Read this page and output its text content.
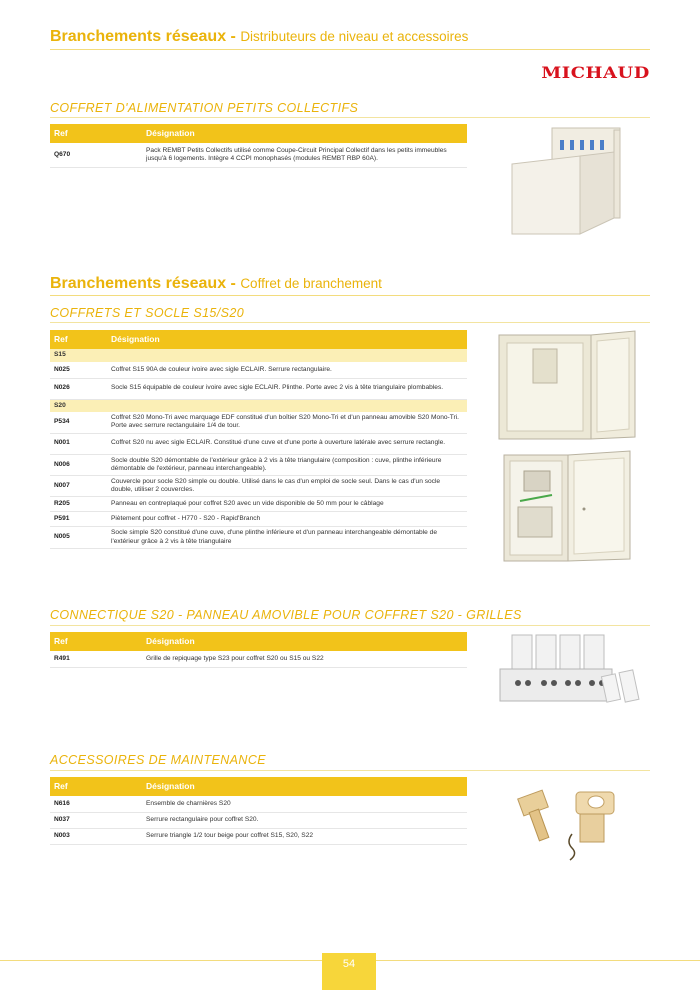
Branchements réseaux - Distributeurs de niveau et accessoires
MICHAUD
COFFRET D'ALIMENTATION PETITS COLLECTIFS
Ref	Désignation
Q670	Pack REMBT Petits Collectifs utilisé comme Coupe-Circuit Principal Collectif dans les petits immeubles jusqu'à 6 logements. Intègre 4 CCPI monophasés (modules REMBT RBP 60A).
Branchements réseaux - Coffret de branchement
COFFRETS ET SOCLE S15/S20
Ref	Désignation
S15	
N025	Coffret S15 90A de couleur ivoire avec sigle ECLAIR. Serrure rectangulaire.
N026	Socle S15 équipable de couleur ivoire avec sigle ECLAIR. Plinthe. Porte avec 2 vis à tête triangulaire plombables.
S20	
P534	Coffret S20 Mono-Tri avec marquage EDF constitué d'un boîtier S20 Mono-Tri et d'un panneau amovible S20 Mono-Tri. Porte avec serrure rectangulaire 1/4 de tour.
N001	Coffret S20 nu avec sigle ECLAIR. Constitué d'une cuve et d'une porte à ouverture latérale avec serrure rectangle.
N006	Socle double S20 démontable de l'extérieur grâce à 2 vis à tête triangulaire (composition : cuve, plinthe inférieure démontable de l'extérieur, panneau interchangeable).
N007	Couvercle pour socle S20 simple ou double. Utilisé dans le cas d'un emploi de socle seul. Dans le cas d'un socle double, utiliser 2 couvercles.
R205	Panneau en contreplaqué pour coffret S20 avec un vide disponible de 50 mm pour le câblage
P591	Piètement pour coffret - H770 - S20 - Rapid'Branch
N005	Socle simple S20 constitué d'une cuve, d'une plinthe inférieure et d'un panneau interchangeable démontable de l'extérieur grâce à 2 vis à tête triangulaire
CONNECTIQUE S20 - PANNEAU AMOVIBLE POUR COFFRET S20 - GRILLES
Ref	Désignation
R491	Grille de repiquage type S23 pour coffret S20 ou S15 ou S22
ACCESSOIRES DE MAINTENANCE
Ref	Désignation
N616	Ensemble de charnières S20
N037	Serrure rectangulaire pour coffret S20.
N003	Serrure triangle 1/2 tour beige pour coffret S15, S20, S22
54
